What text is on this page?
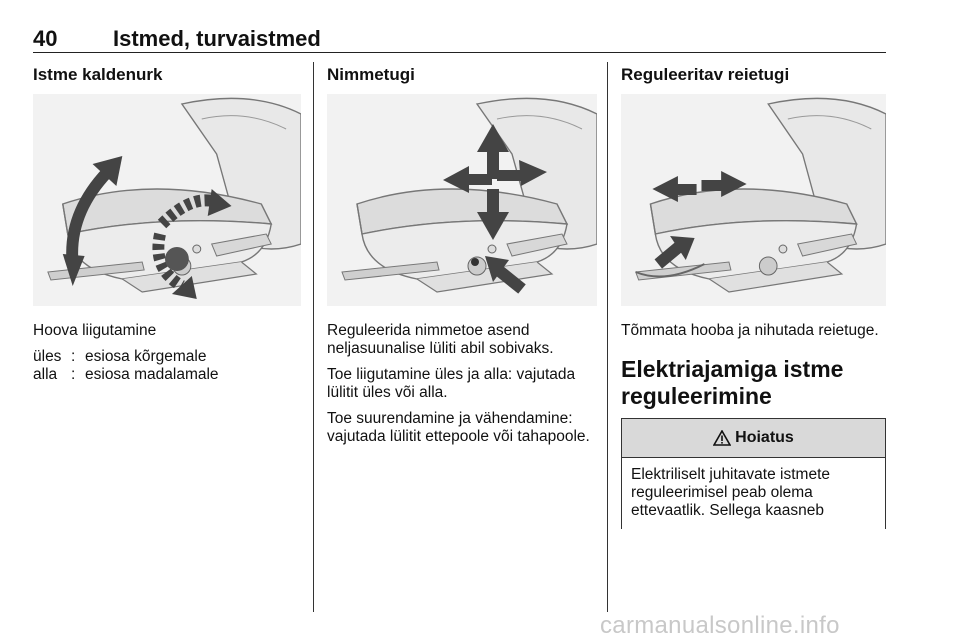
40	Istmed, turvaistmed
Istme kaldenurk

Hoova liigutamine

üles : esiosa kõrgemale
alla : esiosa madalamale
Nimmetugi

Reguleerida nimmetoe asend neljasuunalise lüliti abil sobivaks.

Toe liigutamine üles ja alla: vajutada lülitit üles või alla.

Toe suurendamine ja vähendamine: vajutada lülitit ettepoole või tahapoole.

Reguleeritav reietugi

Tõmmata hooba ja nihutada reietuge.

Elektriajamiga istme reguleerimine
Hoiatus
Elektriliselt juhitavate istmete reguleerimisel peab olema ettevaatlik. Sellega kaasneb
carmanualsonline.info
